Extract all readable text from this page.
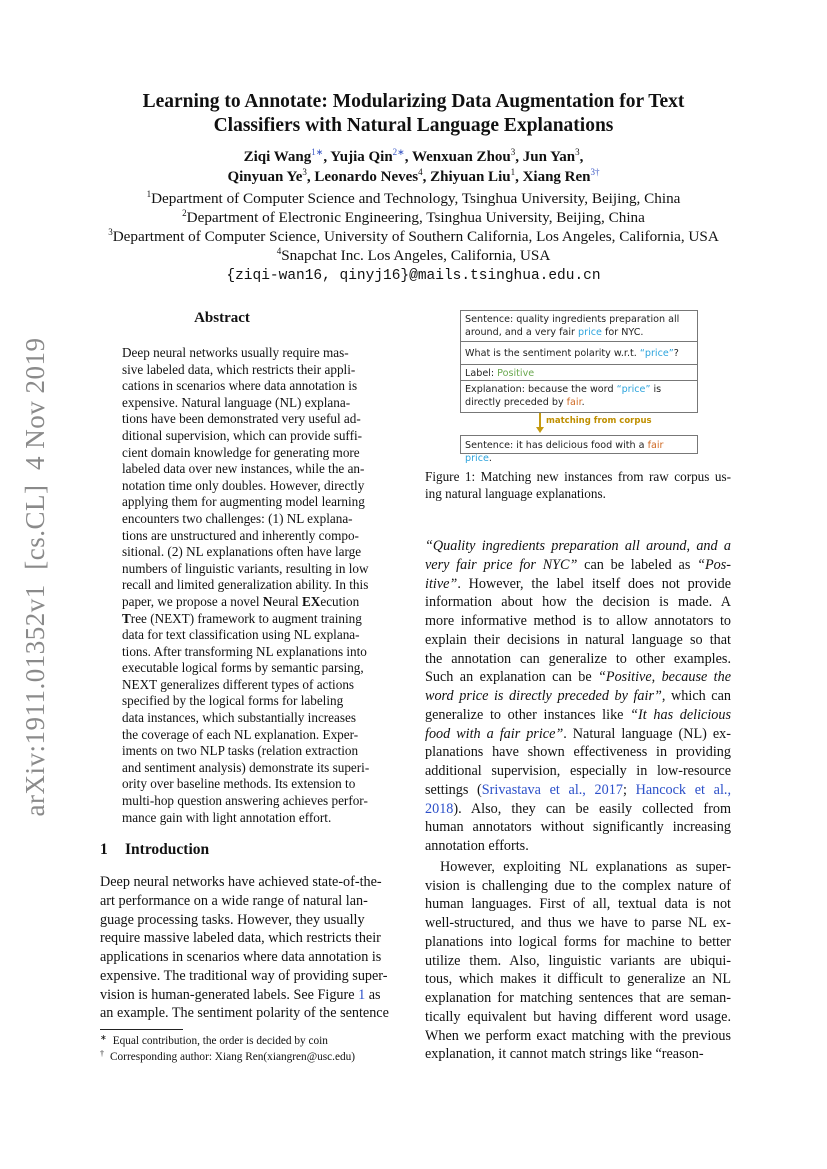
arXiv:1911.01352v1  [cs.CL]  4 Nov 2019
Learning to Annotate: Modularizing Data Augmentation for Text
Classifiers with Natural Language Explanations
Ziqi Wang$^{1∗}$, Yujia Qin$^{2∗}$, Wenxuan Zhou$^3$, Jun Yan$^3$,
Qinyuan Ye$^3$, Leonardo Neves$^4$, Zhiyuan Liu$^1$, Xiang Ren$^{3\dagger}$
$^1$Department of Computer Science and Technology, Tsinghua University, Beijing, China
$^2$Department of Electronic Engineering, Tsinghua University, Beijing, China
$^3$Department of Computer Science, University of Southern California, Los Angeles, California, USA
$^4$Snapchat Inc. Los Angeles, California, USA
{ziqi-wan16, qinyj16}@mails.tsinghua.edu.cn
Abstract
Deep neural networks usually require mas-
sive labeled data, which restricts their appli-
cations in scenarios where data annotation is
expensive. Natural language (NL) explana-
tions have been demonstrated very useful ad-
ditional supervision, which can provide suffi-
cient domain knowledge for generating more
labeled data over new instances, while the an-
notation time only doubles. However, directly
applying them for augmenting model learning
encounters two challenges: (1) NL explana-
tions are unstructured and inherently compo-
sitional. (2) NL explanations often have large
numbers of linguistic variants, resulting in low
recall and limited generalization ability. In this
paper, we propose a novel Neural EXecution
Tree (NEXT) framework to augment training
data for text classification using NL explana-
tions. After transforming NL explanations into
executable logical forms by semantic parsing,
NEXT generalizes different types of actions
specified by the logical forms for labeling
data instances, which substantially increases
the coverage of each NL explanation. Exper-
iments on two NLP tasks (relation extraction
and sentiment analysis) demonstrate its superi-
ority over baseline methods. Its extension to
multi-hop question answering achieves perfor-
mance gain with light annotation effort.
1 Introduction
Deep neural networks have achieved state-of-the-
art performance on a wide range of natural lan-
guage processing tasks. However, they usually
require massive labeled data, which restricts their
applications in scenarios where data annotation is
expensive. The traditional way of providing super-
vision is human-generated labels. See Figure 1 as
an example. The sentiment polarity of the sentence
∗ Equal contribution, the order is decided by coin
† Corresponding author: Xiang Ren(xiangren@usc.edu)
Sentence: quality ingredients preparation all around, and a very fair price for NYC.
What is the sentiment polarity w.r.t. “price”?
Label: Positive
Explanation: because the word “price” is directly preceded by fair.
matching from corpus
Sentence: it has delicious food with a fair price.
Figure 1: Matching new instances from raw corpus us-
ing natural language explanations.
“Quality ingredients preparation all around, and a
very fair price for NYC” can be labeled as “Pos-
itive”. However, the label itself does not provide
information about how the decision is made. A
more informative method is to allow annotators to
explain their decisions in natural language so that
the annotation can generalize to other examples.
Such an explanation can be “Positive, because the
word price is directly preceded by fair”, which can
generalize to other instances like “It has delicious
food with a fair price”. Natural language (NL) ex-
planations have shown effectiveness in providing
additional supervision, especially in low-resource
settings (Srivastava et al., 2017; Hancock et al.,
2018). Also, they can be easily collected from
human annotators without significantly increasing
annotation efforts.
However, exploiting NL explanations as super-
vision is challenging due to the complex nature of
human languages. First of all, textual data is not
well-structured, and thus we have to parse NL ex-
planations into logical forms for machine to better
utilize them. Also, linguistic variants are ubiqui-
tous, which makes it difficult to generalize an NL
explanation for matching sentences that are seman-
tically equivalent but having different word usage.
When we perform exact matching with the previous
explanation, it cannot match strings like “reason-
